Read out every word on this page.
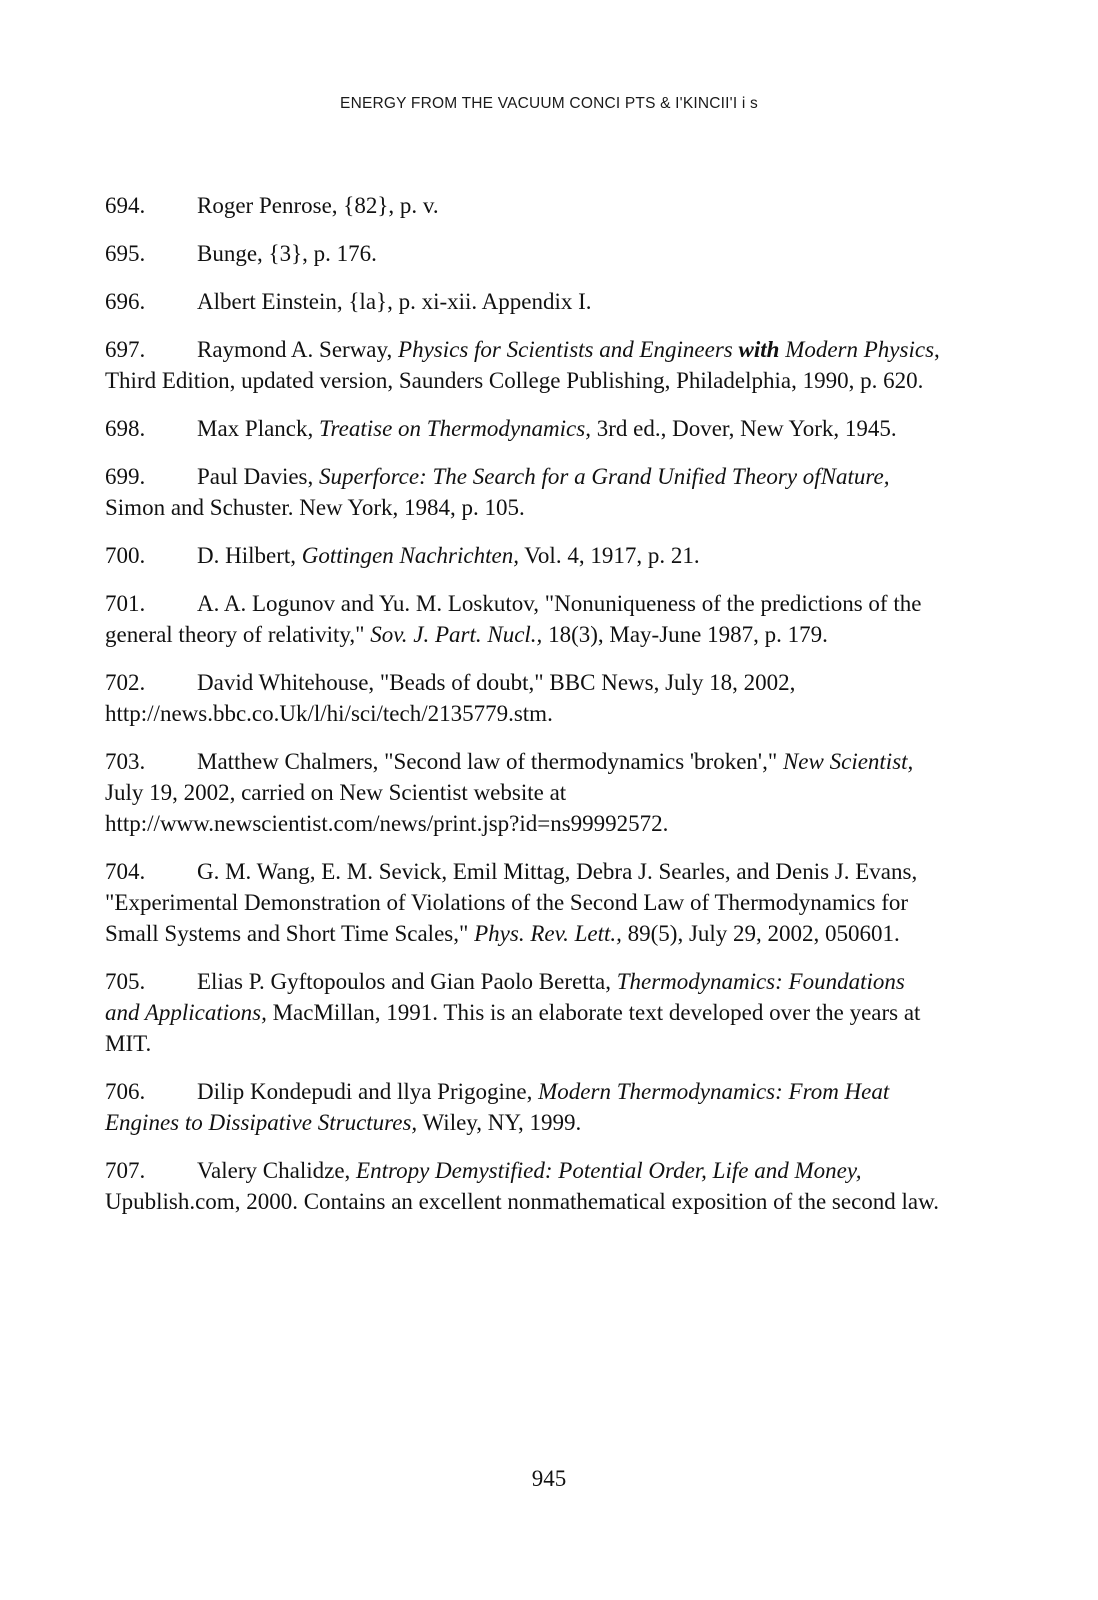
ENERGY FROM THE VACUUM CONCI PTS & I'KINCII'I i s

694. Roger Penrose, {82}, p. v.

695. Bunge, {3}, p. 176.

696. Albert Einstein, {la}, p. xi-xii. Appendix I.

697. Raymond A. Serway, Physics for Scientists and Engineers with Modern Physics, Third Edition, updated version, Saunders College Publishing, Philadelphia, 1990, p. 620.

698. Max Planck, Treatise on Thermodynamics, 3rd ed., Dover, New York, 1945.

699. Paul Davies, Superforce: The Search for a Grand Unified Theory ofNature, Simon and Schuster. New York, 1984, p. 105.

700. D. Hilbert, Gottingen Nachrichten, Vol. 4, 1917, p. 21.

701. A. A. Logunov and Yu. M. Loskutov, "Nonuniqueness of the predictions of the general theory of relativity," Sov. J. Part. Nucl., 18(3), May-June 1987, p. 179.

702. David Whitehouse, "Beads of doubt," BBC News, July 18, 2002, http://news.bbc.co.Uk/l/hi/sci/tech/2135779.stm.

703. Matthew Chalmers, "Second law of thermodynamics 'broken'," New Scientist, July 19, 2002, carried on New Scientist website at http://www.newscientist.com/news/print.jsp?id=ns99992572.

704. G. M. Wang, E. M. Sevick, Emil Mittag, Debra J. Searles, and Denis J. Evans, "Experimental Demonstration of Violations of the Second Law of Thermodynamics for Small Systems and Short Time Scales," Phys. Rev. Lett., 89(5), July 29, 2002, 050601.

705. Elias P. Gyftopoulos and Gian Paolo Beretta, Thermodynamics: Foundations and Applications, MacMillan, 1991. This is an elaborate text developed over the years at MIT.

706. Dilip Kondepudi and llya Prigogine, Modern Thermodynamics: From Heat Engines to Dissipative Structures, Wiley, NY, 1999.

707. Valery Chalidze, Entropy Demystified: Potential Order, Life and Money, Upublish.com, 2000. Contains an excellent nonmathematical exposition of the second law.

945
